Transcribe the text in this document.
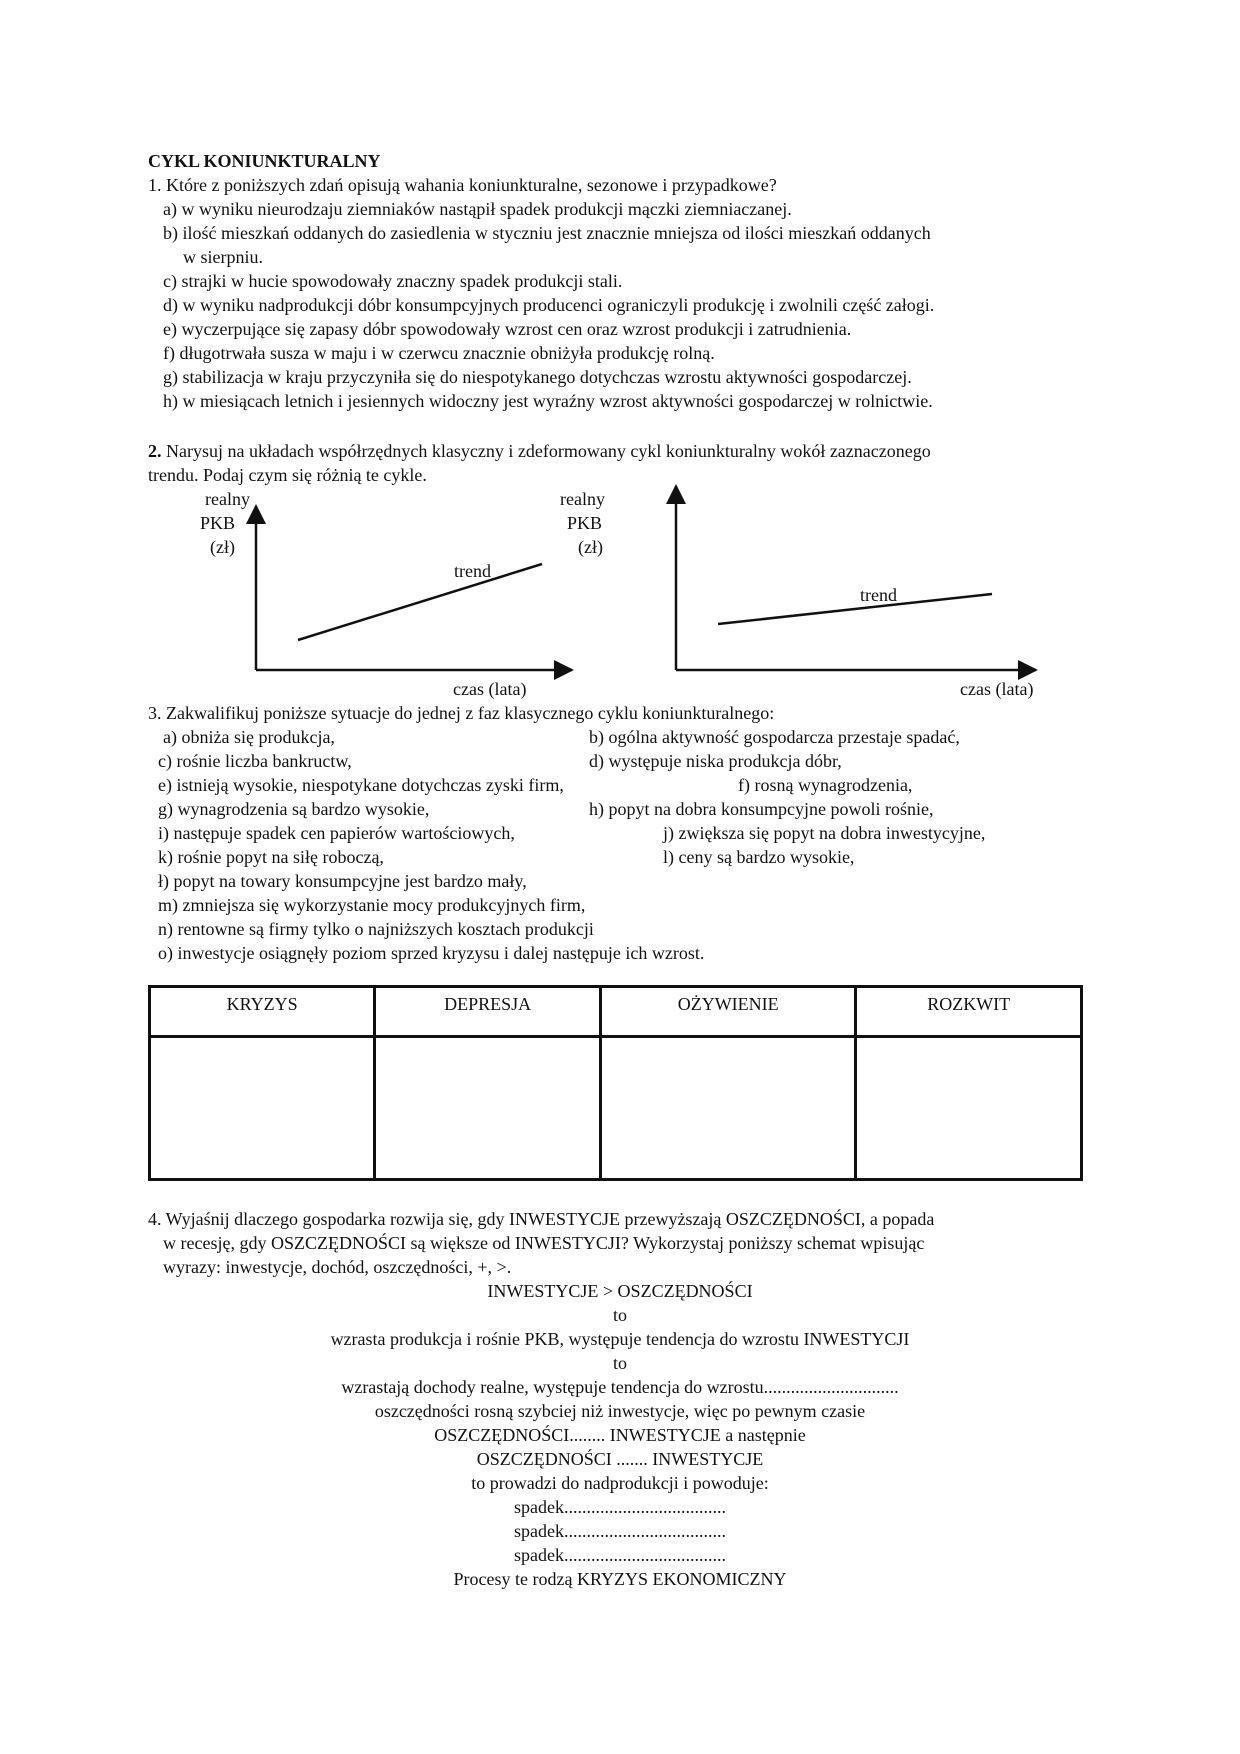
CYKL KONIUNKTURALNY
1. Które z poniższych zdań opisują wahania koniunkturalne, sezonowe i przypadkowe?
a) w wyniku nieurodzaju ziemniaków nastąpił spadek produkcji mączki ziemniaczanej.
b) ilość mieszkań oddanych do zasiedlenia w styczniu jest znacznie mniejsza od ilości mieszkań oddanych
w sierpniu.
c) strajki w hucie spowodowały znaczny spadek produkcji stali.
d) w wyniku nadprodukcji dóbr konsumpcyjnych producenci ograniczyli produkcję i zwolnili część załogi.
e) wyczerpujące się zapasy dóbr spowodowały wzrost cen oraz wzrost produkcji i zatrudnienia.
f) długotrwała susza w maju i w czerwcu znacznie obniżyła produkcję rolną.
g) stabilizacja w kraju przyczyniła się do niespotykanego dotychczas wzrostu aktywności gospodarczej.
h) w miesiącach letnich i jesiennych widoczny jest wyraźny wzrost aktywności gospodarczej w rolnictwie.
2. Narysuj na układach współrzędnych klasyczny i zdeformowany cykl koniunkturalny wokół zaznaczonego
trendu. Podaj czym się różnią te cykle.
realny
PKB
(zł)
trend
czas (lata)
realny
PKB
(zł)
trend
czas (lata)
3. Zakwalifikuj poniższe sytuacje do jednej z faz klasycznego cyklu koniunkturalnego:
a) obniża się produkcja,	b) ogólna aktywność gospodarcza przestaje spadać,
c) rośnie liczba bankructw,	d) występuje niska produkcja dóbr,
e) istnieją wysokie, niespotykane dotychczas zyski firm,	f) rosną wynagrodzenia,
g) wynagrodzenia są bardzo wysokie,	h) popyt na dobra konsumpcyjne powoli rośnie,
i) następuje spadek cen papierów wartościowych,	j) zwiększa się popyt na dobra inwestycyjne,
k) rośnie popyt na siłę roboczą,	l) ceny są bardzo wysokie,
ł) popyt na towary konsumpcyjne jest bardzo mały,
m) zmniejsza się wykorzystanie mocy produkcyjnych firm,
n) rentowne są firmy tylko o najniższych kosztach produkcji
o) inwestycje osiągnęły poziom sprzed kryzysu i dalej następuje ich wzrost.
KRYZYS	DEPRESJA	OŻYWIENIE	ROZKWIT

4. Wyjaśnij dlaczego gospodarka rozwija się, gdy INWESTYCJE przewyższają OSZCZĘDNOŚCI, a popada
w recesję, gdy OSZCZĘDNOŚCI są większe od INWESTYCJI? Wykorzystaj poniższy schemat wpisując
wyrazy: inwestycje, dochód, oszczędności, +, >.
INWESTYCJE > OSZCZĘDNOŚCI
to
wzrasta produkcja i rośnie PKB, występuje tendencja do wzrostu INWESTYCJI
to
wzrastają dochody realne, występuje tendencja do wzrostu..............................
oszczędności rosną szybciej niż inwestycje, więc po pewnym czasie
OSZCZĘDNOŚCI........ INWESTYCJE a następnie
OSZCZĘDNOŚCI ....... INWESTYCJE
to prowadzi do nadprodukcji i powoduje:
spadek....................................
spadek....................................
spadek....................................
Procesy te rodzą KRYZYS EKONOMICZNY
